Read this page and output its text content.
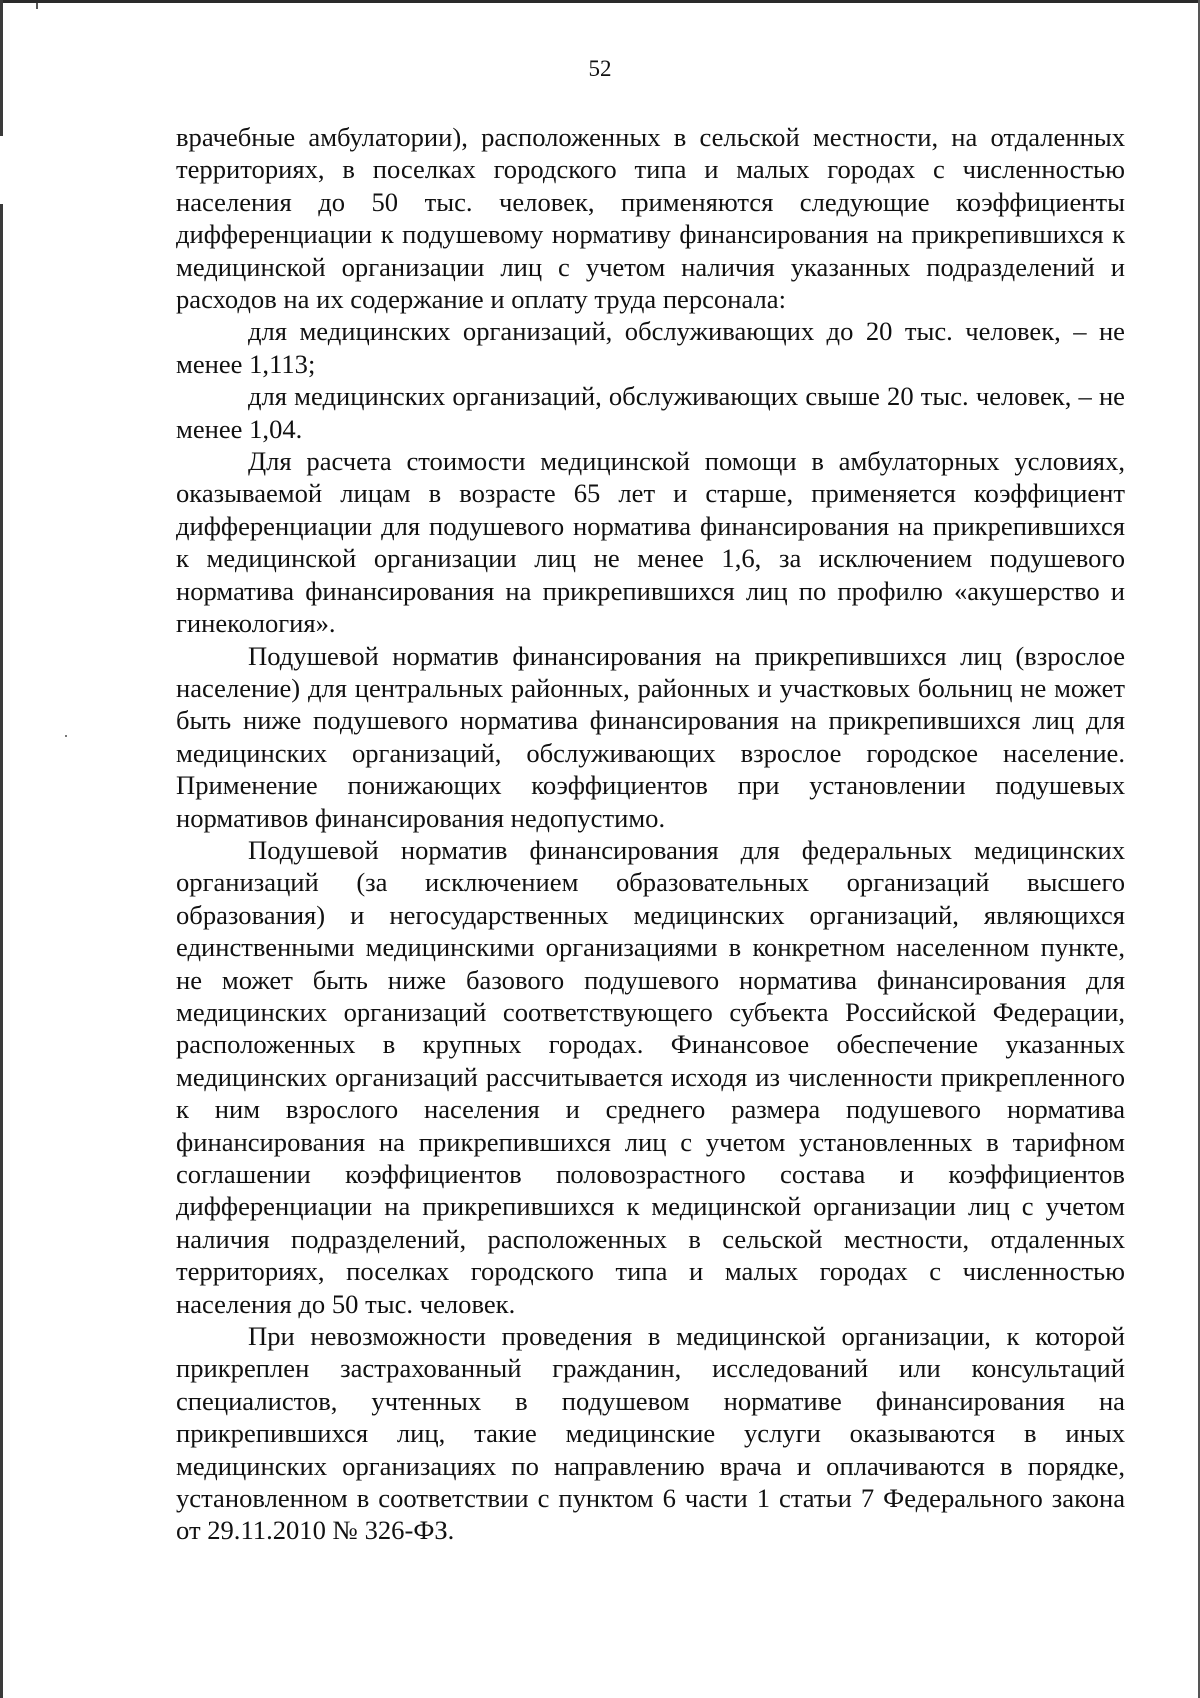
52

врачебные амбулатории), расположенных в сельской местности, на отдаленных территориях, в поселках городского типа и малых городах с численностью населения до 50 тыс. человек, применяются следующие коэффициенты дифференциации к подушевому нормативу финансирования на прикрепившихся к медицинской организации лиц с учетом наличия указанных подразделений и расходов на их содержание и оплату труда персонала:

для медицинских организаций, обслуживающих до 20 тыс. человек, – не менее 1,113;

для медицинских организаций, обслуживающих свыше 20 тыс. человек, – не менее 1,04.

Для расчета стоимости медицинской помощи в амбулаторных условиях, оказываемой лицам в возрасте 65 лет и старше, применяется коэффициент дифференциации для подушевого норматива финансирования на прикрепившихся к медицинской организации лиц не менее 1,6, за исключением подушевого норматива финансирования на прикрепившихся лиц по профилю «акушерство и гинекология».

Подушевой норматив финансирования на прикрепившихся лиц (взрослое население) для центральных районных, районных и участковых больниц не может быть ниже подушевого норматива финансирования на прикрепившихся лиц для медицинских организаций, обслуживающих взрослое городское население. Применение понижающих коэффициентов при установлении подушевых нормативов финансирования недопустимо.

Подушевой норматив финансирования для федеральных медицинских организаций (за исключением образовательных организаций высшего образования) и негосударственных медицинских организаций, являющихся единственными медицинскими организациями в конкретном населенном пункте, не может быть ниже базового подушевого норматива финансирования для медицинских организаций соответствующего субъекта Российской Федерации, расположенных в крупных городах. Финансовое обеспечение указанных медицинских организаций рассчитывается исходя из численности прикрепленного к ним взрослого населения и среднего размера подушевого норматива финансирования на прикрепившихся лиц с учетом установленных в тарифном соглашении коэффициентов половозрастного состава и коэффициентов дифференциации на прикрепившихся к медицинской организации лиц с учетом наличия подразделений, расположенных в сельской местности, отдаленных территориях, поселках городского типа и малых городах с численностью населения до 50 тыс. человек.

При невозможности проведения в медицинской организации, к которой прикреплен застрахованный гражданин, исследований или консультаций специалистов, учтенных в подушевом нормативе финансирования на прикрепившихся лиц, такие медицинские услуги оказываются в иных медицинских организациях по направлению врача и оплачиваются в порядке, установленном в соответствии с пунктом 6 части 1 статьи 7 Федерального закона от 29.11.2010 № 326-ФЗ.
